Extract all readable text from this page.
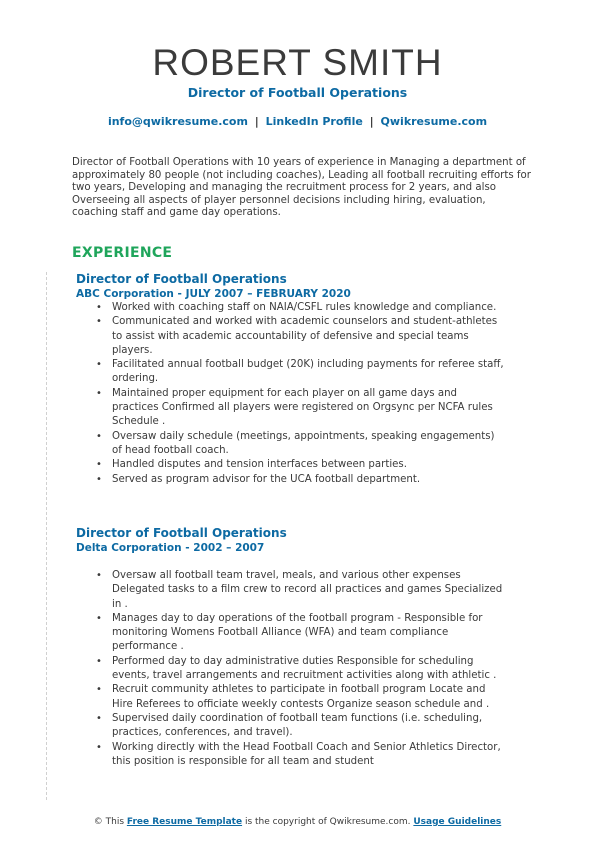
ROBERT SMITH
Director of Football Operations
info@qwikresume.com | LinkedIn Profile | Qwikresume.com

Director of Football Operations with 10 years of experience in Managing a department of approximately 80 people (not including coaches), Leading all football recruiting efforts for two years, Developing and managing the recruitment process for 2 years, and also Overseeing all aspects of player personnel decisions including hiring, evaluation, coaching staff and game day operations.

EXPERIENCE
Director of Football Operations
ABC Corporation - JULY 2007 – FEBRUARY 2020
• Worked with coaching staff on NAIA/CSFL rules knowledge and compliance.
• Communicated and worked with academic counselors and student-athletes to assist with academic accountability of defensive and special teams players.
• Facilitated annual football budget (20K) including payments for referee staff, ordering.
• Maintained proper equipment for each player on all game days and practices Confirmed all players were registered on Orgsync per NCFA rules Schedule .
• Oversaw daily schedule (meetings, appointments, speaking engagements) of head football coach.
• Handled disputes and tension interfaces between parties.
• Served as program advisor for the UCA football department.
Director of Football Operations
Delta Corporation - 2002 – 2007
• Oversaw all football team travel, meals, and various other expenses Delegated tasks to a film crew to record all practices and games Specialized in .
• Manages day to day operations of the football program - Responsible for monitoring Womens Football Alliance (WFA) and team compliance performance .
• Performed day to day administrative duties Responsible for scheduling events, travel arrangements and recruitment activities along with athletic .
• Recruit community athletes to participate in football program Locate and Hire Referees to officiate weekly contests Organize season schedule and .
• Supervised daily coordination of football team functions (i.e. scheduling, practices, conferences, and travel).
• Working directly with the Head Football Coach and Senior Athletics Director, this position is responsible for all team and student
© This Free Resume Template is the copyright of Qwikresume.com. Usage Guidelines
